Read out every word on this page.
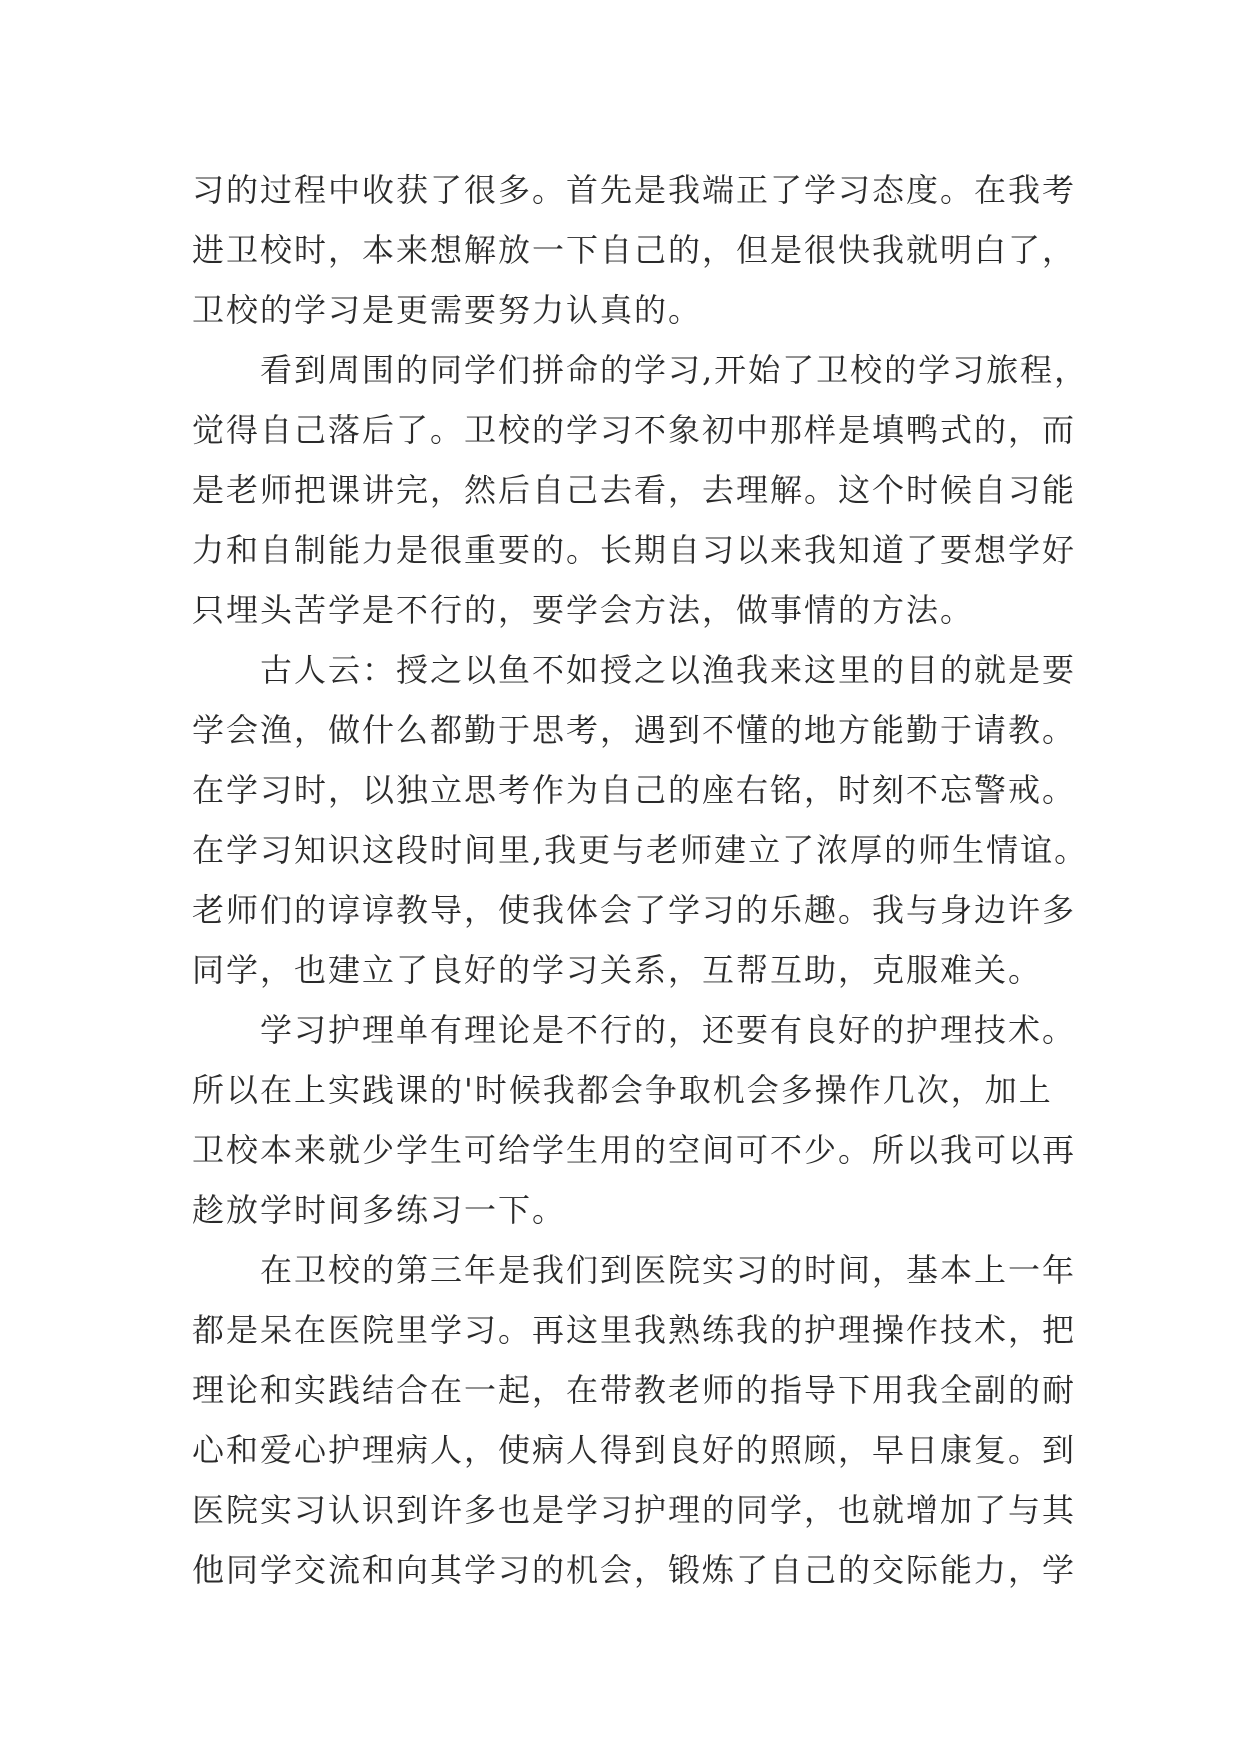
习的过程中收获了很多。首先是我端正了学习态度。在我考
进卫校时，本来想解放一下自己的，但是很快我就明白了，
卫校的学习是更需要努力认真的。
看到周围的同学们拼命的学习,开始了卫校的学习旅程，
觉得自己落后了。卫校的学习不象初中那样是填鸭式的，而
是老师把课讲完，然后自己去看，去理解。这个时候自习能
力和自制能力是很重要的。长期自习以来我知道了要想学好
只埋头苦学是不行的，要学会方法，做事情的方法。
古人云：授之以鱼不如授之以渔我来这里的目的就是要
学会渔，做什么都勤于思考，遇到不懂的地方能勤于请教。
在学习时，以独立思考作为自己的座右铭，时刻不忘警戒。
在学习知识这段时间里,我更与老师建立了浓厚的师生情谊。
老师们的谆谆教导，使我体会了学习的乐趣。我与身边许多
同学，也建立了良好的学习关系，互帮互助，克服难关。
学习护理单有理论是不行的，还要有良好的护理技术。
所以在上实践课的'时候我都会争取机会多操作几次，加上
卫校本来就少学生可给学生用的空间可不少。所以我可以再
趁放学时间多练习一下。
在卫校的第三年是我们到医院实习的时间，基本上一年
都是呆在医院里学习。再这里我熟练我的护理操作技术，把
理论和实践结合在一起，在带教老师的指导下用我全副的耐
心和爱心护理病人，使病人得到良好的照顾，早日康复。到
医院实习认识到许多也是学习护理的同学，也就增加了与其
他同学交流和向其学习的机会，锻炼了自己的交际能力，学
